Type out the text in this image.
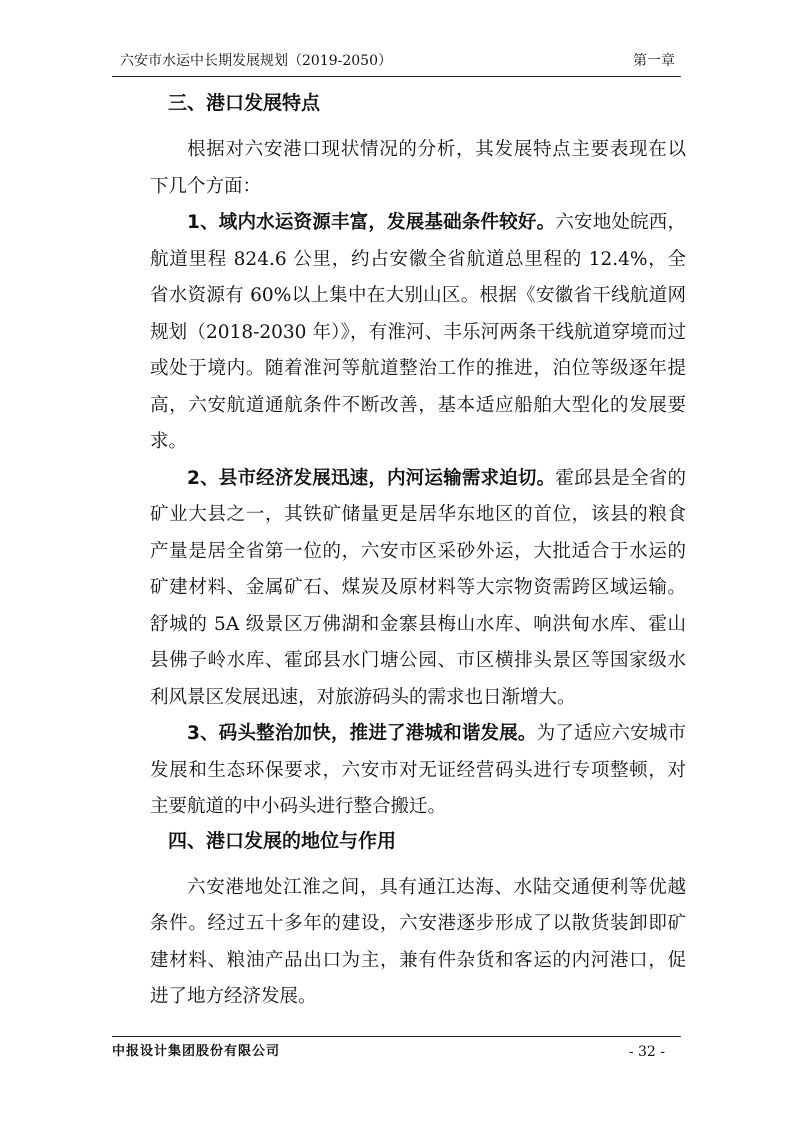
六安市水运中长期发展规划（2019-2050）	第一章
三、港口发展特点

根据对六安港口现状情况的分析，其发展特点主要表现在以下几个方面：

1、域内水运资源丰富，发展基础条件较好。六安地处皖西，航道里程 824.6 公里，约占安徽全省航道总里程的 12.4%，全省水资源有 60%以上集中在大别山区。根据《安徽省干线航道网规划（2018-2030 年）》，有淮河、丰乐河两条干线航道穿境而过或处于境内。随着淮河等航道整治工作的推进，泊位等级逐年提高，六安航道通航条件不断改善，基本适应船舶大型化的发展要求。

2、县市经济发展迅速，内河运输需求迫切。霍邱县是全省的矿业大县之一，其铁矿储量更是居华东地区的首位，该县的粮食产量是居全省第一位的，六安市区采砂外运，大批适合于水运的矿建材料、金属矿石、煤炭及原材料等大宗物资需跨区域运输。舒城的 5A 级景区万佛湖和金寨县梅山水库、响洪甸水库、霍山县佛子岭水库、霍邱县水门塘公园、市区横排头景区等国家级水利风景区发展迅速，对旅游码头的需求也日渐增大。

3、码头整治加快，推进了港城和谐发展。为了适应六安城市发展和生态环保要求，六安市对无证经营码头进行专项整顿，对主要航道的中小码头进行整合搬迁。

四、港口发展的地位与作用

六安港地处江淮之间，具有通江达海、水陆交通便利等优越条件。经过五十多年的建设，六安港逐步形成了以散货装卸即矿建材料、粮油产品出口为主，兼有件杂货和客运的内河港口，促进了地方经济发展。

中报设计集团股份有限公司	- 32 -
